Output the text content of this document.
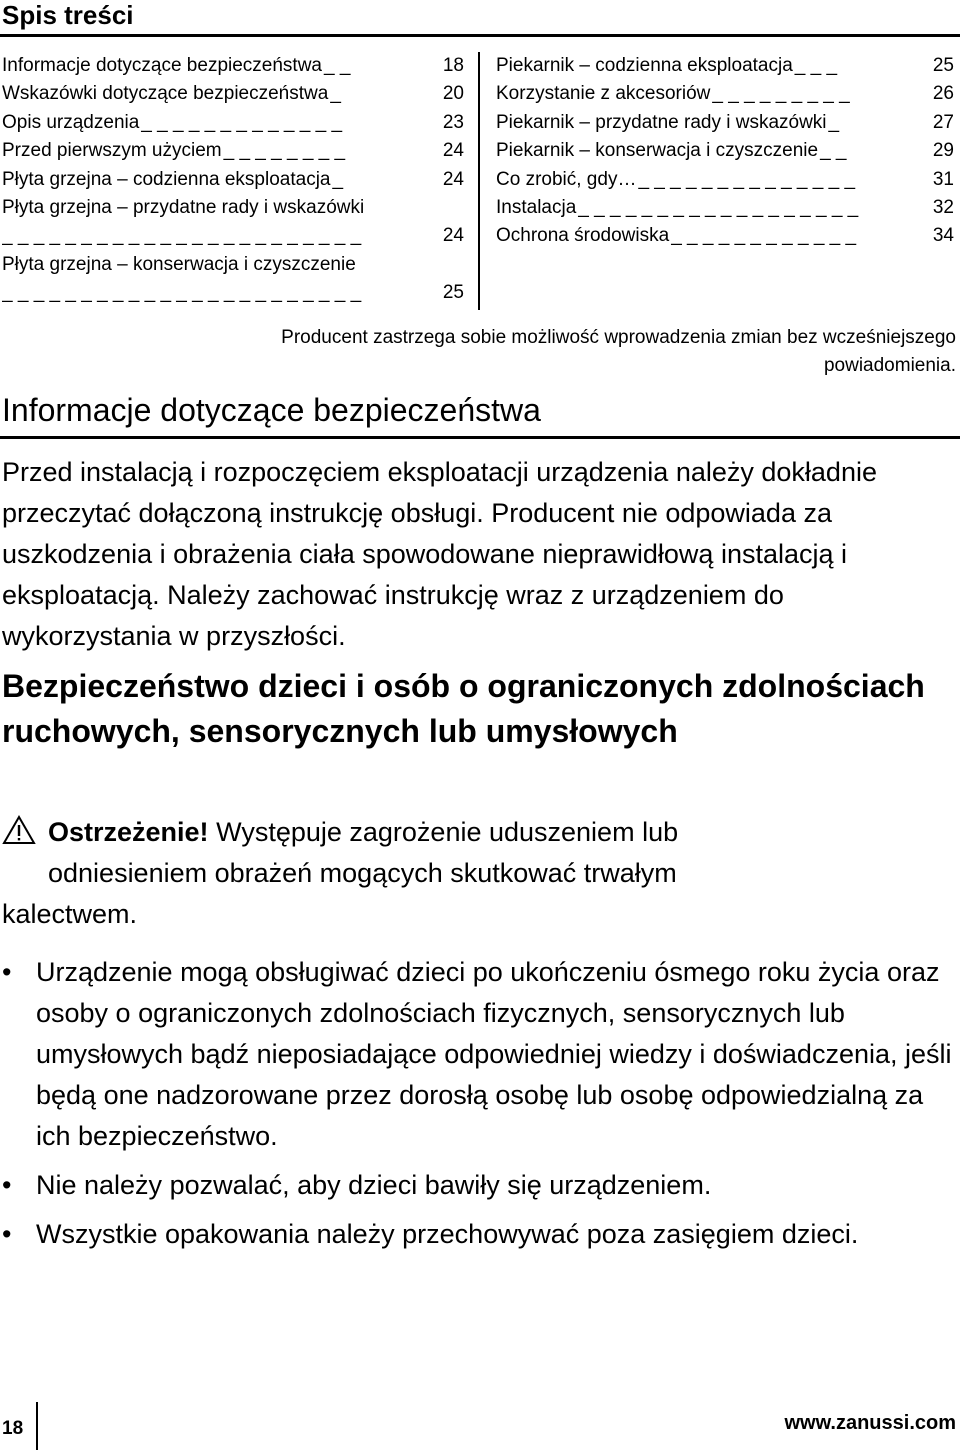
Spis treści
Informacje dotyczące bezpieczeństwa _ _	18
Wskazówki dotyczące bezpieczeństwa _	20
Opis urządzenia _ _ _ _ _ _ _ _ _ _ _ _ _	23
Przed pierwszym użyciem _ _ _ _ _ _ _ _	24
Płyta grzejna – codzienna eksploatacja _	24
Płyta grzejna – przydatne rady i wskazówki
_ _ _ _ _ _ _ _ _ _ _ _ _ _ _ _ _ _ _ _ _ _ _	24
Płyta grzejna – konserwacja i czyszczenie
_ _ _ _ _ _ _ _ _ _ _ _ _ _ _ _ _ _ _ _ _ _ _	25
Piekarnik – codzienna eksploatacja _ _ _	25
Korzystanie z akcesoriów _ _ _ _ _ _ _ _ _	26
Piekarnik – przydatne rady i wskazówki _	27
Piekarnik – konserwacja i czyszczenie _ _	29
Co zrobić, gdy… _ _ _ _ _ _ _ _ _ _ _ _ _ _	31
Instalacja _ _ _ _ _ _ _ _ _ _ _ _ _ _ _ _ _ _	32
Ochrona środowiska _ _ _ _ _ _ _ _ _ _ _ _	34
Producent zastrzega sobie możliwość wprowadzenia zmian bez wcześniejszego powiadomienia.
Informacje dotyczące bezpieczeństwa

Przed instalacją i rozpoczęciem eksploatacji urządzenia należy dokładnie przeczytać dołączoną instrukcję obsługi. Producent nie odpowiada za uszkodzenia i obrażenia ciała spowodowane nieprawidłową instalacją i eksploatacją. Należy zachować instrukcję wraz z urządzeniem do wykorzystania w przyszłości.

Bezpieczeństwo dzieci i osób o ograniczonych zdolnościach ruchowych, sensorycznych lub umysłowych
Ostrzeżenie! Występuje zagrożenie uduszeniem lub
odniesieniem obrażeń mogących skutkować trwałym
kalectwem.
• Urządzenie mogą obsługiwać dzieci po ukończeniu ósmego roku życia oraz osoby o ograniczonych zdolnościach fizycznych, sensorycznych lub umysłowych bądź nieposiadające odpowiedniej wiedzy i doświadczenia, jeśli będą one nadzorowane przez dorosłą osobę lub osobę odpowiedzialną za ich bezpieczeństwo.
• Nie należy pozwalać, aby dzieci bawiły się urządzeniem.
• Wszystkie opakowania należy przechowywać poza zasięgiem dzieci.
18	www.zanussi.com
